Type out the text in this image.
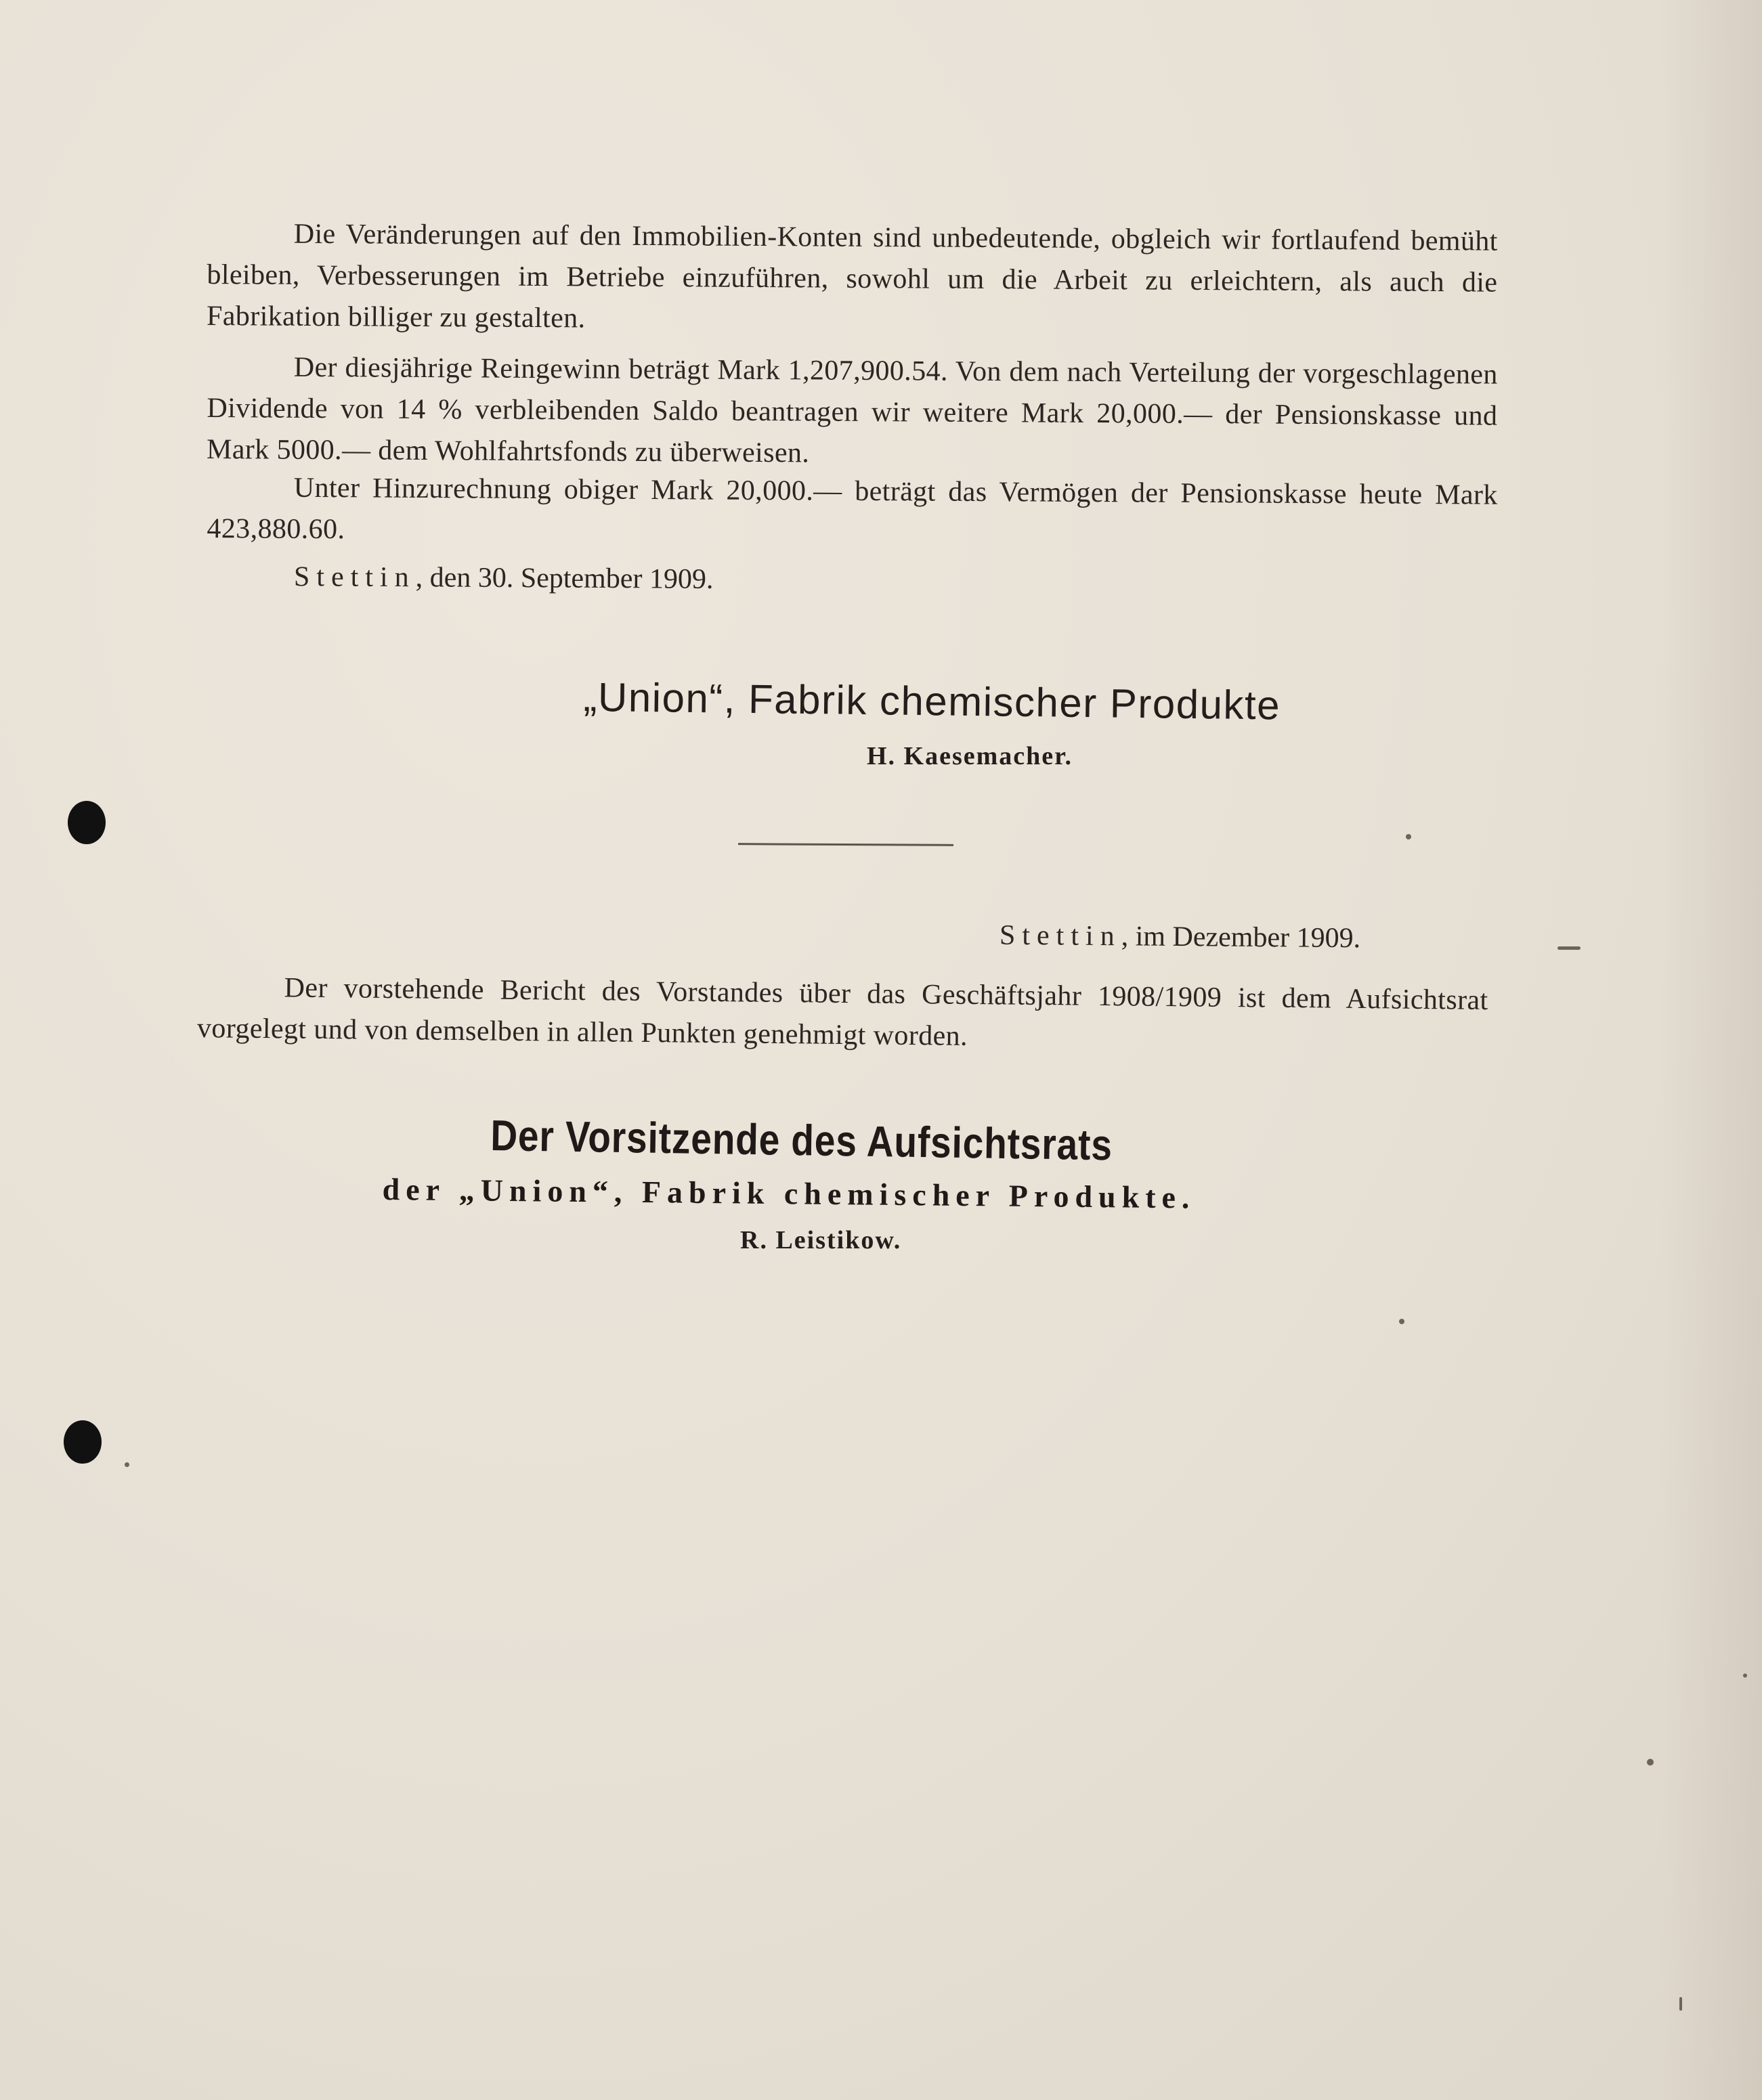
Die Veränderungen auf den Immobilien-Konten sind unbedeutende, obgleich wir fortlaufend bemüht bleiben, Verbesserungen im Betriebe einzuführen, sowohl um die Arbeit zu erleichtern, als auch die Fabrikation billiger zu gestalten.

Der diesjährige Reingewinn beträgt Mark 1,207,900.54. Von dem nach Verteilung der vorgeschlagenen Dividende von 14 % verbleibenden Saldo beantragen wir weitere Mark 20,000.— der Pensionskasse und Mark 5000.— dem Wohlfahrtsfonds zu überweisen.

Unter Hinzurechnung obiger Mark 20,000.— beträgt das Vermögen der Pensionskasse heute Mark 423,880.60.

Stettin, den 30. September 1909.

„Union“, Fabrik chemischer Produkte

H. Kaesemacher.

Stettin, im Dezember 1909.

Der vorstehende Bericht des Vorstandes über das Geschäftsjahr 1908/1909 ist dem Aufsichtsrat vorgelegt und von demselben in allen Punkten genehmigt worden.

Der Vorsitzende des Aufsichtsrats

der „Union“, Fabrik chemischer Produkte.

R. Leistikow.
